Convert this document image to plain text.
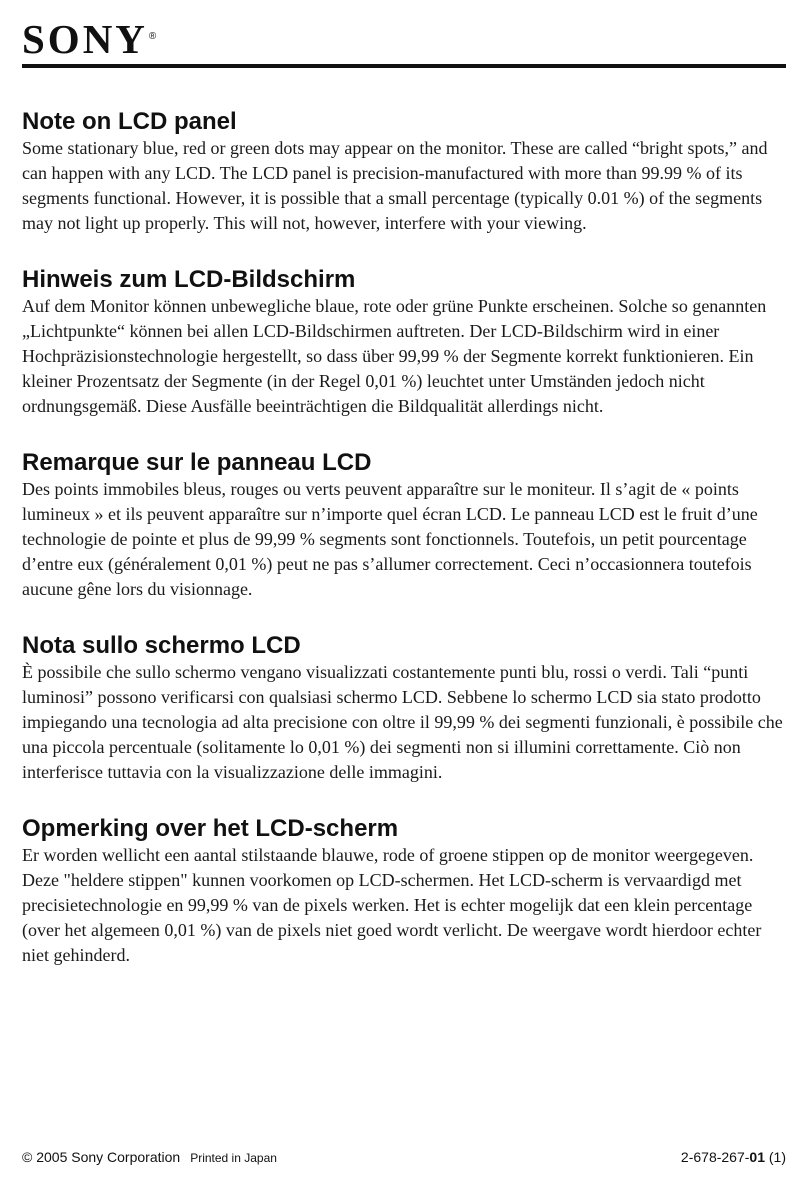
SONY®
Note on LCD panel

Some stationary blue, red or green dots may appear on the monitor. These are called “bright spots,” and can happen with any LCD. The LCD panel is precision-manufactured with more than 99.99 % of its segments functional. However, it is possible that a small percentage (typically 0.01 %) of the segments may not light up properly. This will not, however, interfere with your viewing.

Hinweis zum LCD-Bildschirm

Auf dem Monitor können unbewegliche blaue, rote oder grüne Punkte erscheinen. Solche so genannten „Lichtpunkte“ können bei allen LCD-Bildschirmen auftreten. Der LCD-Bildschirm wird in einer Hochpräzisionstechnologie hergestellt, so dass über 99,99 % der Segmente korrekt funktionieren. Ein kleiner Prozentsatz der Segmente (in der Regel 0,01 %) leuchtet unter Umständen jedoch nicht ordnungsgemäß. Diese Ausfälle beeinträchtigen die Bildqualität allerdings nicht.

Remarque sur le panneau LCD

Des points immobiles bleus, rouges ou verts peuvent apparaître sur le moniteur. Il s’agit de « points lumineux » et ils peuvent apparaître sur n’importe quel écran LCD. Le panneau LCD est le fruit d’une technologie de pointe et plus de 99,99 % segments sont fonctionnels. Toutefois, un petit pourcentage d’entre eux (généralement 0,01 %) peut ne pas s’allumer correctement. Ceci n’occasionnera toutefois aucune gêne lors du visionnage.

Nota sullo schermo LCD

È possibile che sullo schermo vengano visualizzati costantemente punti blu, rossi o verdi. Tali “punti luminosi” possono verificarsi con qualsiasi schermo LCD. Sebbene lo schermo LCD sia stato prodotto impiegando una tecnologia ad alta precisione con oltre il 99,99 % dei segmenti funzionali, è possibile che una piccola percentuale (solitamente lo 0,01 %) dei segmenti non si illumini correttamente. Ciò non interferisce tuttavia con la visualizzazione delle immagini.

Opmerking over het LCD-scherm

Er worden wellicht een aantal stilstaande blauwe, rode of groene stippen op de monitor weergegeven. Deze "heldere stippen" kunnen voorkomen op LCD-schermen. Het LCD-scherm is vervaardigd met precisietechnologie en 99,99 % van de pixels werken. Het is echter mogelijk dat een klein percentage (over het algemeen 0,01 %) van de pixels niet goed wordt verlicht. De weergave wordt hierdoor echter niet gehinderd.

© 2005 Sony Corporation Printed in Japan	2-678-267-01 (1)
